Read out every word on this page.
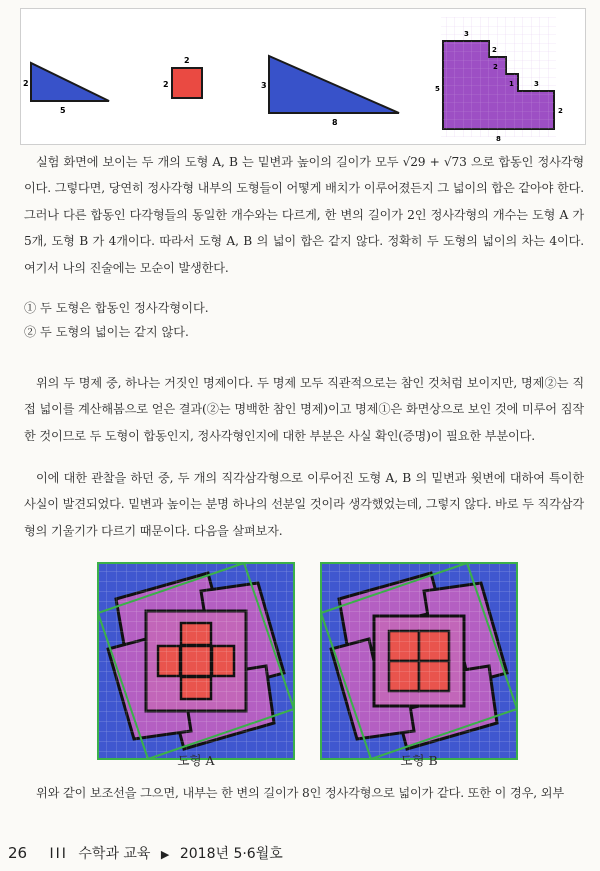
2
5
2
2	3
8
3
2
2
1	3
5
2
8
실험 화면에 보이는 두 개의 도형 A, B 는 밑변과 높이의 길이가 모두 √29 + √73 으로 합동인 정사각형이다. 그렇다면, 당연히 정사각형 내부의 도형들이 어떻게 배치가 이루어졌든지 그 넓이의 합은 같아야 한다. 그러나 다른 합동인 다각형들의 동일한 개수와는 다르게, 한 변의 길이가 2인 정사각형의 개수는 도형 A 가 5개, 도형 B 가 4개이다. 따라서 도형 A, B 의 넓이 합은 같지 않다. 정확히 두 도형의 넓이의 차는 4이다. 여기서 나의 진술에는 모순이 발생한다.
① 두 도형은 합동인 정사각형이다.
② 두 도형의 넓이는 같지 않다.
위의 두 명제 중, 하나는 거짓인 명제이다. 두 명제 모두 직관적으로는 참인 것처럼 보이지만, 명제②는 직접 넓이를 계산해봄으로 얻은 결과(②는 명백한 참인 명제)이고 명제①은 화면상으로 보인 것에 미루어 짐작한 것이므로 두 도형이 합동인지, 정사각형인지에 대한 부분은 사실 확인(증명)이 필요한 부분이다.
이에 대한 관찰을 하던 중, 두 개의 직각삼각형으로 이루어진 도형 A, B 의 밑변과 윗변에 대하여 특이한 사실이 발견되었다. 밑변과 높이는 분명 하나의 선분일 것이라 생각했었는데, 그렇지 않다. 바로 두 직각삼각형의 기울기가 다르기 때문이다. 다음을 살펴보자.
도형 A	도형 B
위와 같이 보조선을 그으면, 내부는 한 변의 길이가 8인 정사각형으로 넓이가 같다. 또한 이 경우, 외부
26 III 수학과 교육 ▶ 2018년 5·6월호
